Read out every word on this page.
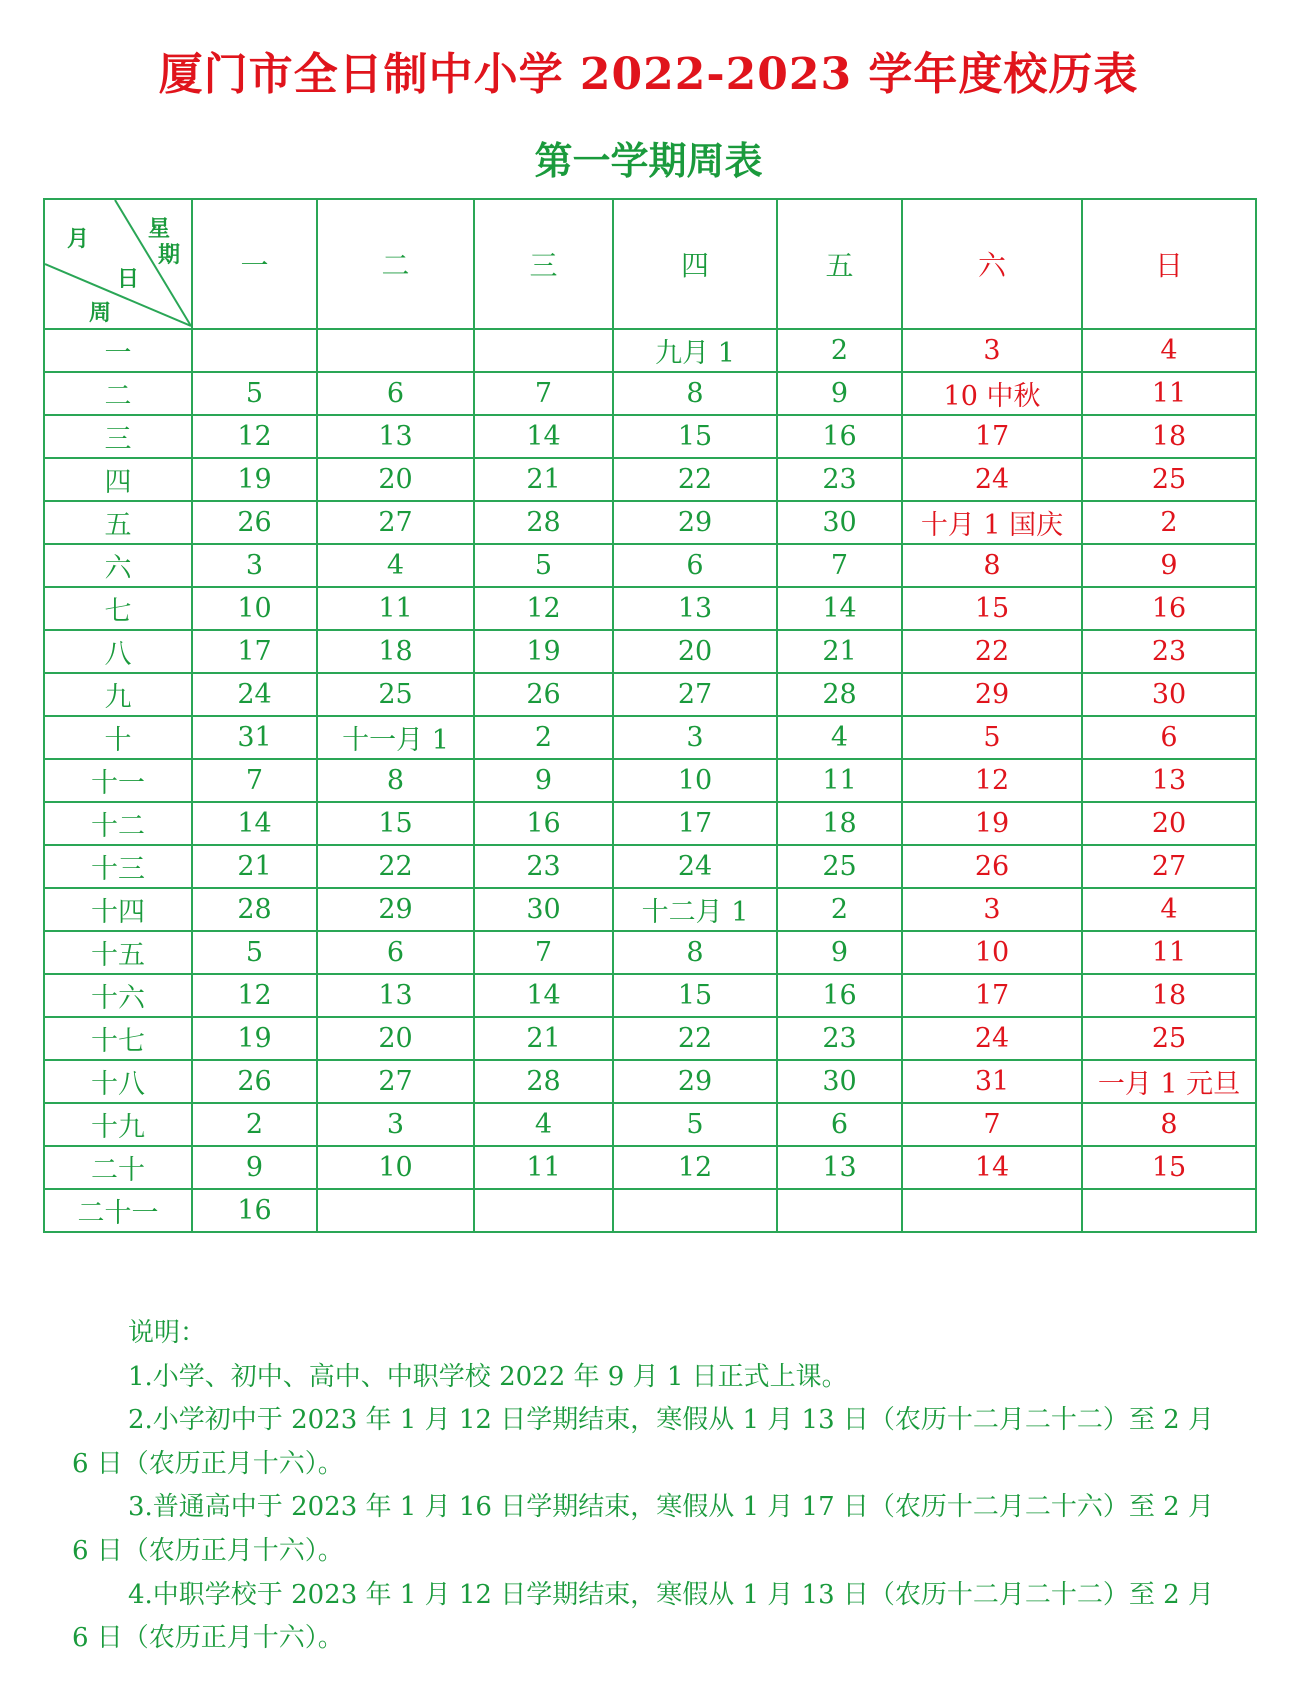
厦门市全日制中小学 2022-2023 学年度校历表
第一学期周表
月 星
期
日
周	一	二	三	四	五	六	日
一				九月 1	2	3	4
二	5	6	7	8	9	10 中秋	11
三	12	13	14	15	16	17	18
四	19	20	21	22	23	24	25
五	26	27	28	29	30	十月 1 国庆	2
六	3	4	5	6	7	8	9
七	10	11	12	13	14	15	16
八	17	18	19	20	21	22	23
九	24	25	26	27	28	29	30
十	31	十一月 1	2	3	4	5	6
十一	7	8	9	10	11	12	13
十二	14	15	16	17	18	19	20
十三	21	22	23	24	25	26	27
十四	28	29	30	十二月 1	2	3	4
十五	5	6	7	8	9	10	11
十六	12	13	14	15	16	17	18
十七	19	20	21	22	23	24	25
十八	26	27	28	29	30	31	一月 1 元旦
十九	2	3	4	5	6	7	8
二十	9	10	11	12	13	14	15
二十一	16						

说明：

1.小学、初中、高中、中职学校 2022 年 9 月 1 日正式上课。

2.小学初中于 2023 年 1 月 12 日学期结束，寒假从 1 月 13 日（农历十二月二十二）至 2 月 6 日（农历正月十六）。

3.普通高中于 2023 年 1 月 16 日学期结束，寒假从 1 月 17 日（农历十二月二十六）至 2 月 6 日（农历正月十六）。

4.中职学校于 2023 年 1 月 12 日学期结束，寒假从 1 月 13 日（农历十二月二十二）至 2 月 6 日（农历正月十六）。
